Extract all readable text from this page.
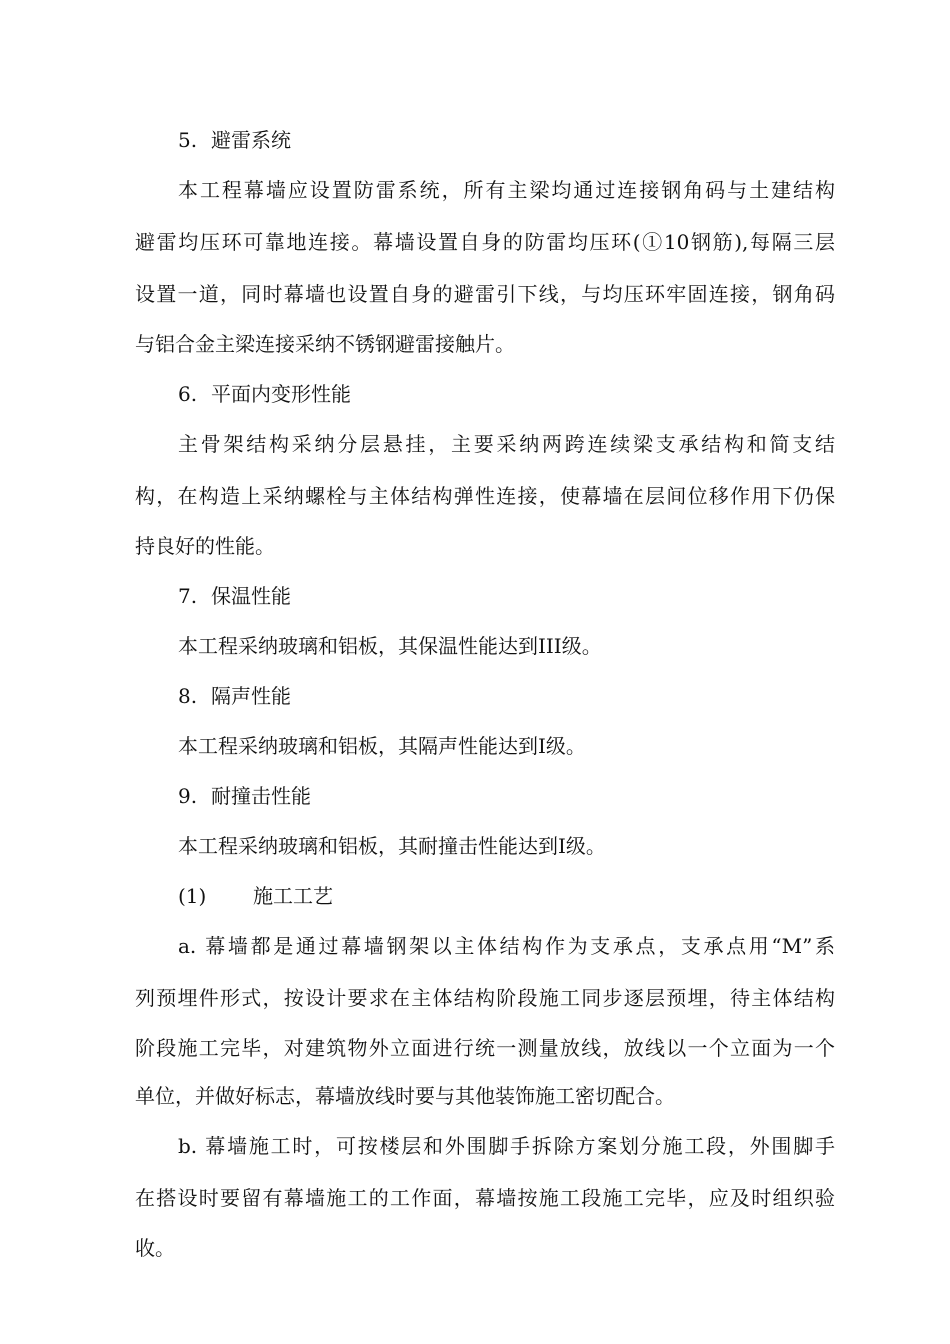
5. 避雷系统
本工程幕墙应设置防雷系统，所有主梁均通过连接钢角码与土建结构
避雷均压环可靠地连接。幕墙设置自身的防雷均压环(①10钢筋),每隔三层
设置一道，同时幕墙也设置自身的避雷引下线，与均压环牢固连接，钢角码
与铝合金主梁连接采纳不锈钢避雷接触片。
6. 平面内变形性能
主骨架结构采纳分层悬挂，主要采纳两跨连续梁支承结构和简支结
构，在构造上采纳螺栓与主体结构弹性连接，使幕墙在层间位移作用下仍保
持良好的性能。
7. 保温性能
本工程采纳玻璃和铝板，其保温性能达到III级。
8. 隔声性能
本工程采纳玻璃和铝板，其隔声性能达到Ⅰ级。
9. 耐撞击性能
本工程采纳玻璃和铝板，其耐撞击性能达到Ⅰ级。
(1) 施工工艺
a. 幕墙都是通过幕墙钢架以主体结构作为支承点，支承点用“M”系
列预埋件形式，按设计要求在主体结构阶段施工同步逐层预埋，待主体结构
阶段施工完毕，对建筑物外立面进行统一测量放线，放线以一个立面为一个
单位，并做好标志，幕墙放线时要与其他装饰施工密切配合。
b. 幕墙施工时，可按楼层和外围脚手拆除方案划分施工段，外围脚手
在搭设时要留有幕墙施工的工作面，幕墙按施工段施工完毕，应及时组织验
收。
